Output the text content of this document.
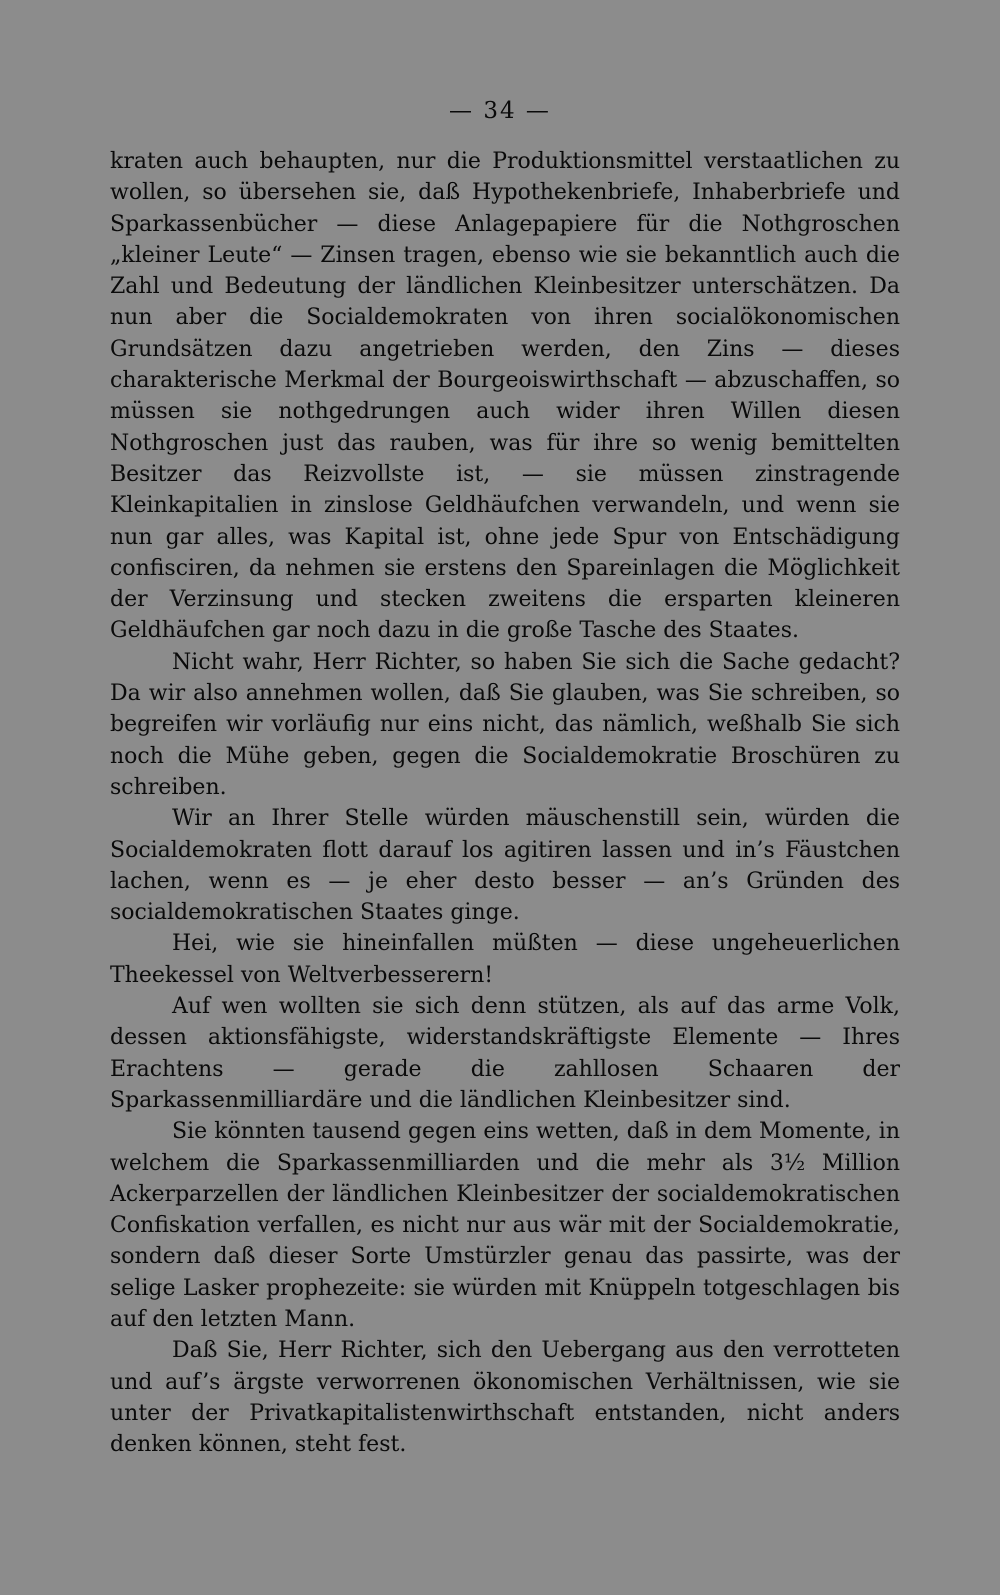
— 34 —

kraten auch behaupten, nur die Produktionsmittel verstaatlichen zu wollen, so übersehen sie, daß Hypothekenbriefe, Inhaberbriefe und Sparkassenbücher — diese Anlagepapiere für die Nothgroschen „kleiner Leute“ — Zinsen tragen, ebenso wie sie bekanntlich auch die Zahl und Bedeutung der ländlichen Kleinbesitzer unterschätzen. Da nun aber die Socialdemokraten von ihren socialökonomischen Grundsätzen dazu angetrieben werden, den Zins — dieses charakterische Merkmal der Bourgeoiswirthschaft — abzuschaffen, so müssen sie nothgedrungen auch wider ihren Willen diesen Nothgroschen just das rauben, was für ihre so wenig bemittelten Besitzer das Reizvollste ist, — sie müssen zinstragende Kleinkapitalien in zinslose Geldhäufchen verwandeln, und wenn sie nun gar alles, was Kapital ist, ohne jede Spur von Entschädigung confisciren, da nehmen sie erstens den Spareinlagen die Möglichkeit der Verzinsung und stecken zweitens die ersparten kleineren Geldhäufchen gar noch dazu in die große Tasche des Staates.

Nicht wahr, Herr Richter, so haben Sie sich die Sache gedacht? Da wir also annehmen wollen, daß Sie glauben, was Sie schreiben, so begreifen wir vorläufig nur eins nicht, das nämlich, weßhalb Sie sich noch die Mühe geben, gegen die Socialdemokratie Broschüren zu schreiben.

Wir an Ihrer Stelle würden mäuschenstill sein, würden die Socialdemokraten flott darauf los agitiren lassen und in’s Fäustchen lachen, wenn es — je eher desto besser — an’s Gründen des socialdemokratischen Staates ginge.

Hei, wie sie hineinfallen müßten — diese ungeheuerlichen Theekessel von Weltverbesserern!

Auf wen wollten sie sich denn stützen, als auf das arme Volk, dessen aktionsfähigste, widerstandskräftigste Elemente — Ihres Erachtens — gerade die zahllosen Schaaren der Sparkassenmilliardäre und die ländlichen Kleinbesitzer sind.

Sie könnten tausend gegen eins wetten, daß in dem Momente, in welchem die Sparkassenmilliarden und die mehr als 3½ Million Ackerparzellen der ländlichen Kleinbesitzer der socialdemokratischen Confiskation verfallen, es nicht nur aus wär mit der Socialdemokratie, sondern daß dieser Sorte Umstürzler genau das passirte, was der selige Lasker prophezeite: sie würden mit Knüppeln totgeschlagen bis auf den letzten Mann.

Daß Sie, Herr Richter, sich den Uebergang aus den verrotteten und auf’s ärgste verworrenen ökonomischen Verhältnissen, wie sie unter der Privatkapitalistenwirthschaft entstanden, nicht anders denken können, steht fest.
